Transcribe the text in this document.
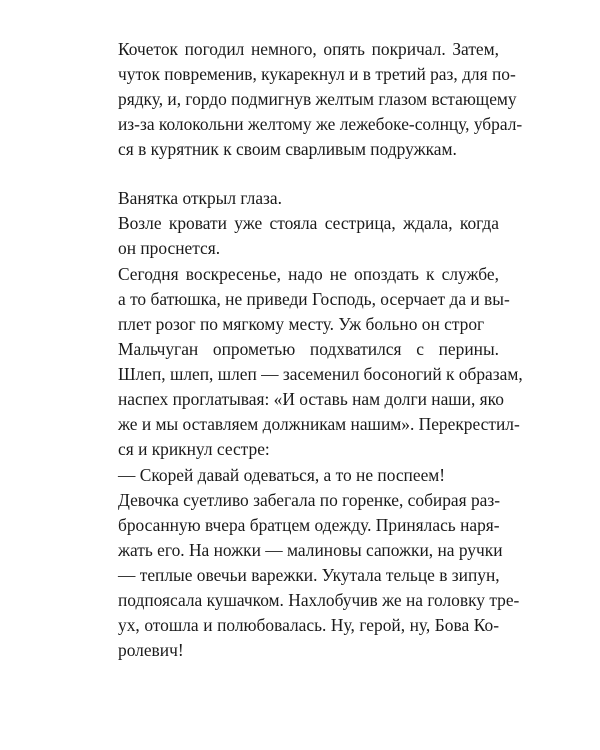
Кочеток погодил немного, опять покричал. Затем,
чуток повременив, кукарекнул и в третий раз, для по-
рядку, и, гордо подмигнув желтым глазом встающему
из-за колокольни желтому же лежебоке-солнцу, убрал-
ся в курятник к своим сварливым подружкам.
Ванятка открыл глаза.
Возле кровати уже стояла сестрица, ждала, когда
он проснется.
Сегодня воскресенье, надо не опоздать к службе,
а то батюшка, не приведи Господь, осерчает да и вы-
плет розог по мягкому месту. Уж больно он строг
Мальчуган опрометью подхватился с перины.
Шлеп, шлеп, шлеп — засеменил босоногий к образам,
наспех проглатывая: «И оставь нам долги наши, яко
же и мы оставляем должникам нашим». Перекрестил-
ся и крикнул сестре:
— Скорей давай одеваться, а то не поспеем!
Девочка суетливо забегала по горенке, собирая раз-
бросанную вчера братцем одежду. Принялась наря-
жать его. На ножки — малиновы сапожки, на ручки
— теплые овечьи варежки. Укутала тельце в зипун,
подпоясала кушачком. Нахлобучив же на головку тре-
ух, отошла и полюбовалась. Ну, герой, ну, Бова Ко-
ролевич!
